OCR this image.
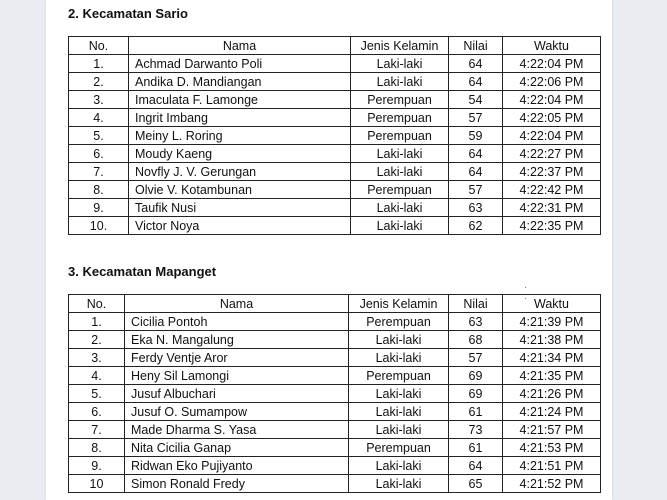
2. Kecamatan Sario
No.	Nama	Jenis Kelamin	Nilai	Waktu
1.	Achmad Darwanto Poli	Laki-laki	64	4:22:04 PM
2.	Andika D. Mandiangan	Laki-laki	64	4:22:06 PM
3.	Imaculata F. Lamonge	Perempuan	54	4:22:04 PM
4.	Ingrit Imbang	Perempuan	57	4:22:05 PM
5.	Meiny L. Roring	Perempuan	59	4:22:04 PM
6.	Moudy Kaeng	Laki-laki	64	4:22:27 PM
7.	Novfly J. V. Gerungan	Laki-laki	64	4:22:37 PM
8.	Olvie V. Kotambunan	Perempuan	57	4:22:42 PM
9.	Taufik Nusi	Laki-laki	63	4:22:31 PM
10.	Victor Noya	Laki-laki	62	4:22:35 PM
3. Kecamatan Mapanget
·
·
No.	Nama	Jenis Kelamin	Nilai	Waktu
1.	Cicilia Pontoh	Perempuan	63	4:21:39 PM
2.	Eka N. Mangalung	Laki-laki	68	4:21:38 PM
3.	Ferdy Ventje Aror	Laki-laki	57	4:21:34 PM
4.	Heny Sil Lamongi	Perempuan	69	4:21:35 PM
5.	Jusuf Albuchari	Laki-laki	69	4:21:26 PM
6.	Jusuf O. Sumampow	Laki-laki	61	4:21:24 PM
7.	Made Dharma S. Yasa	Laki-laki	73	4:21:57 PM
8.	Nita Cicilia Ganap	Perempuan	61	4:21:53 PM
9.	Ridwan Eko Pujiyanto	Laki-laki	64	4:21:51 PM
10	Simon Ronald Fredy	Laki-laki	65	4:21:52 PM
